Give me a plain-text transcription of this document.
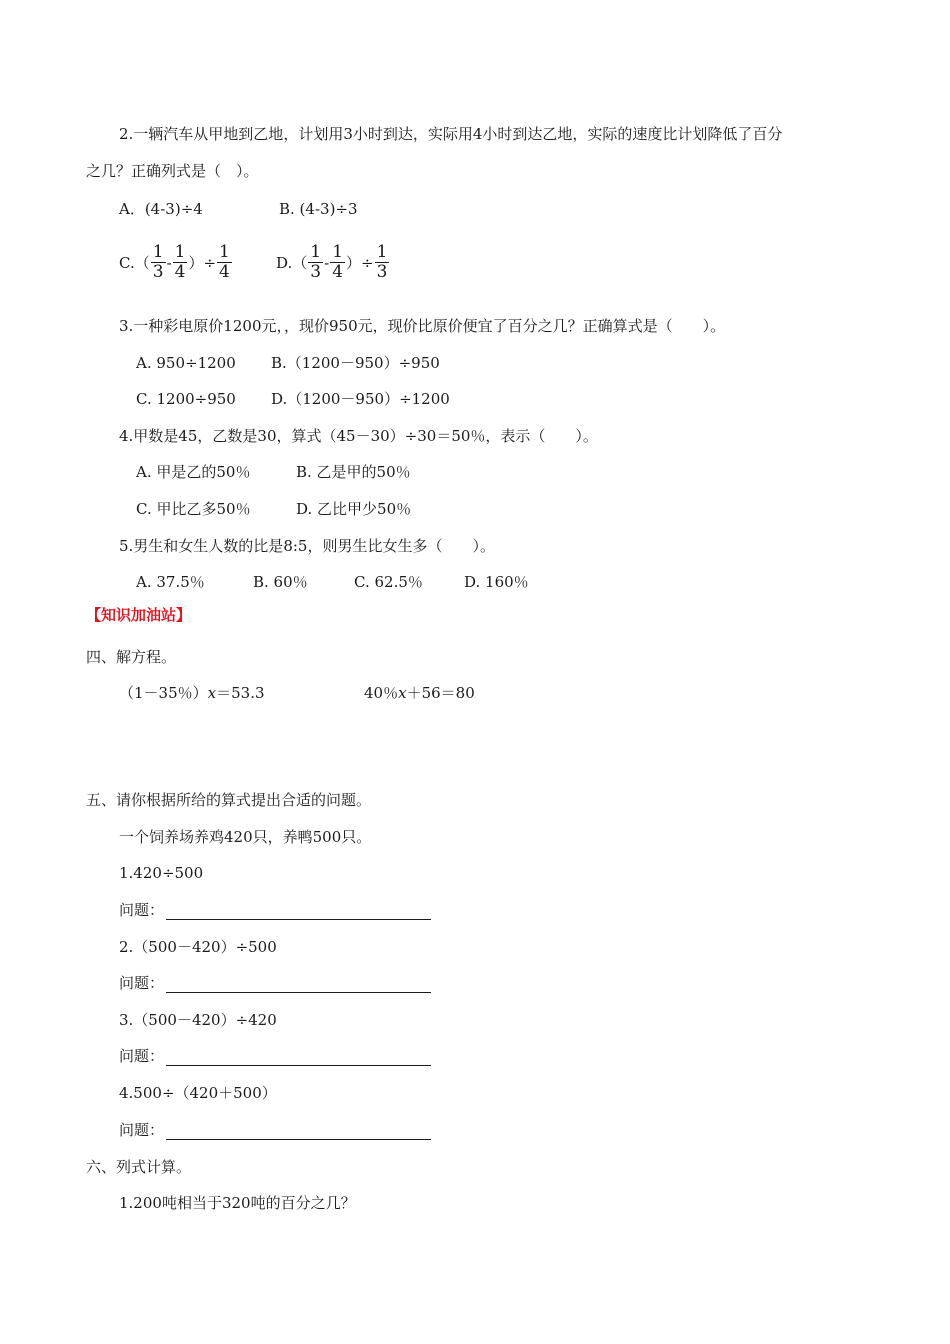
2.一辆汽车从甲地到乙地，计划用3小时到达，实际用4小时到达乙地，实际的速度比计划降低了百分
之几？正确列式是（　）。
A．(4-3)÷4	B. (4-3)÷3
C. （ $\frac{1}{3} - \frac{1}{4}$ ）÷ $\frac{1}{4}$	D. （ $\frac{1}{3} - \frac{1}{4}$ ）÷ $\frac{1}{3}$
3.一种彩电原价1200元，，现价950元，现价比原价便宜了百分之几？正确算式是（　　）。
A. 950÷1200 B.（1200－950）÷950
C. 1200÷950 D.（1200－950）÷1200
4.甲数是45，乙数是30，算式（45－30）÷30＝50％，表示（　　）。
A. 甲是乙的50％	B. 乙是甲的50％
C. 甲比乙多50％	D. 乙比甲少50％
5.男生和女生人数的比是8:5，则男生比女生多（　　）。
A. 37.5％	B. 60％	C. 62.5％	D. 160％
【知识加油站】
四、解方程。
（1－35％）x＝53.3	40％x＋56＝80
五、请你根据所给的算式提出合适的问题。
一个饲养场养鸡420只，养鸭500只。
1.420÷500
问题：
2.（500－420）÷500
问题：
3.（500－420）÷420
问题：
4.500÷（420＋500）
问题：
六、列式计算。
1.200吨相当于320吨的百分之几？
